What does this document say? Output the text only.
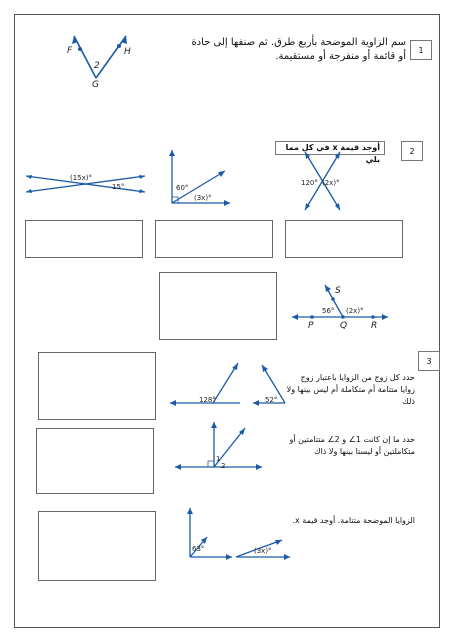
1
سم الزاوية الموضحة بأربع طرق. ثم صنفها إلى حادة أو قائمة أو منفرجة أو مستقيمة.
F	H
G
2
2
أوجد قيمة x في كل مما يلي
(15x)°
15°	60°
(3x)°
120° (2x)°
S
56° (2x)°
P	Q	R
3
حدد كل زوج من الزوايا باعتبار زوج زوايا متتامة أم متكاملة أم ليس بينها ولا ذلك
حدد ما إن كانت 1∠ و 2∠ متتامتين أو متكاملتين أو ليستا بينها ولا ذاك
الزوايا الموضحة متتامة. أوجد قيمة x.
128°	52°
1
2
63°	(3x)°
